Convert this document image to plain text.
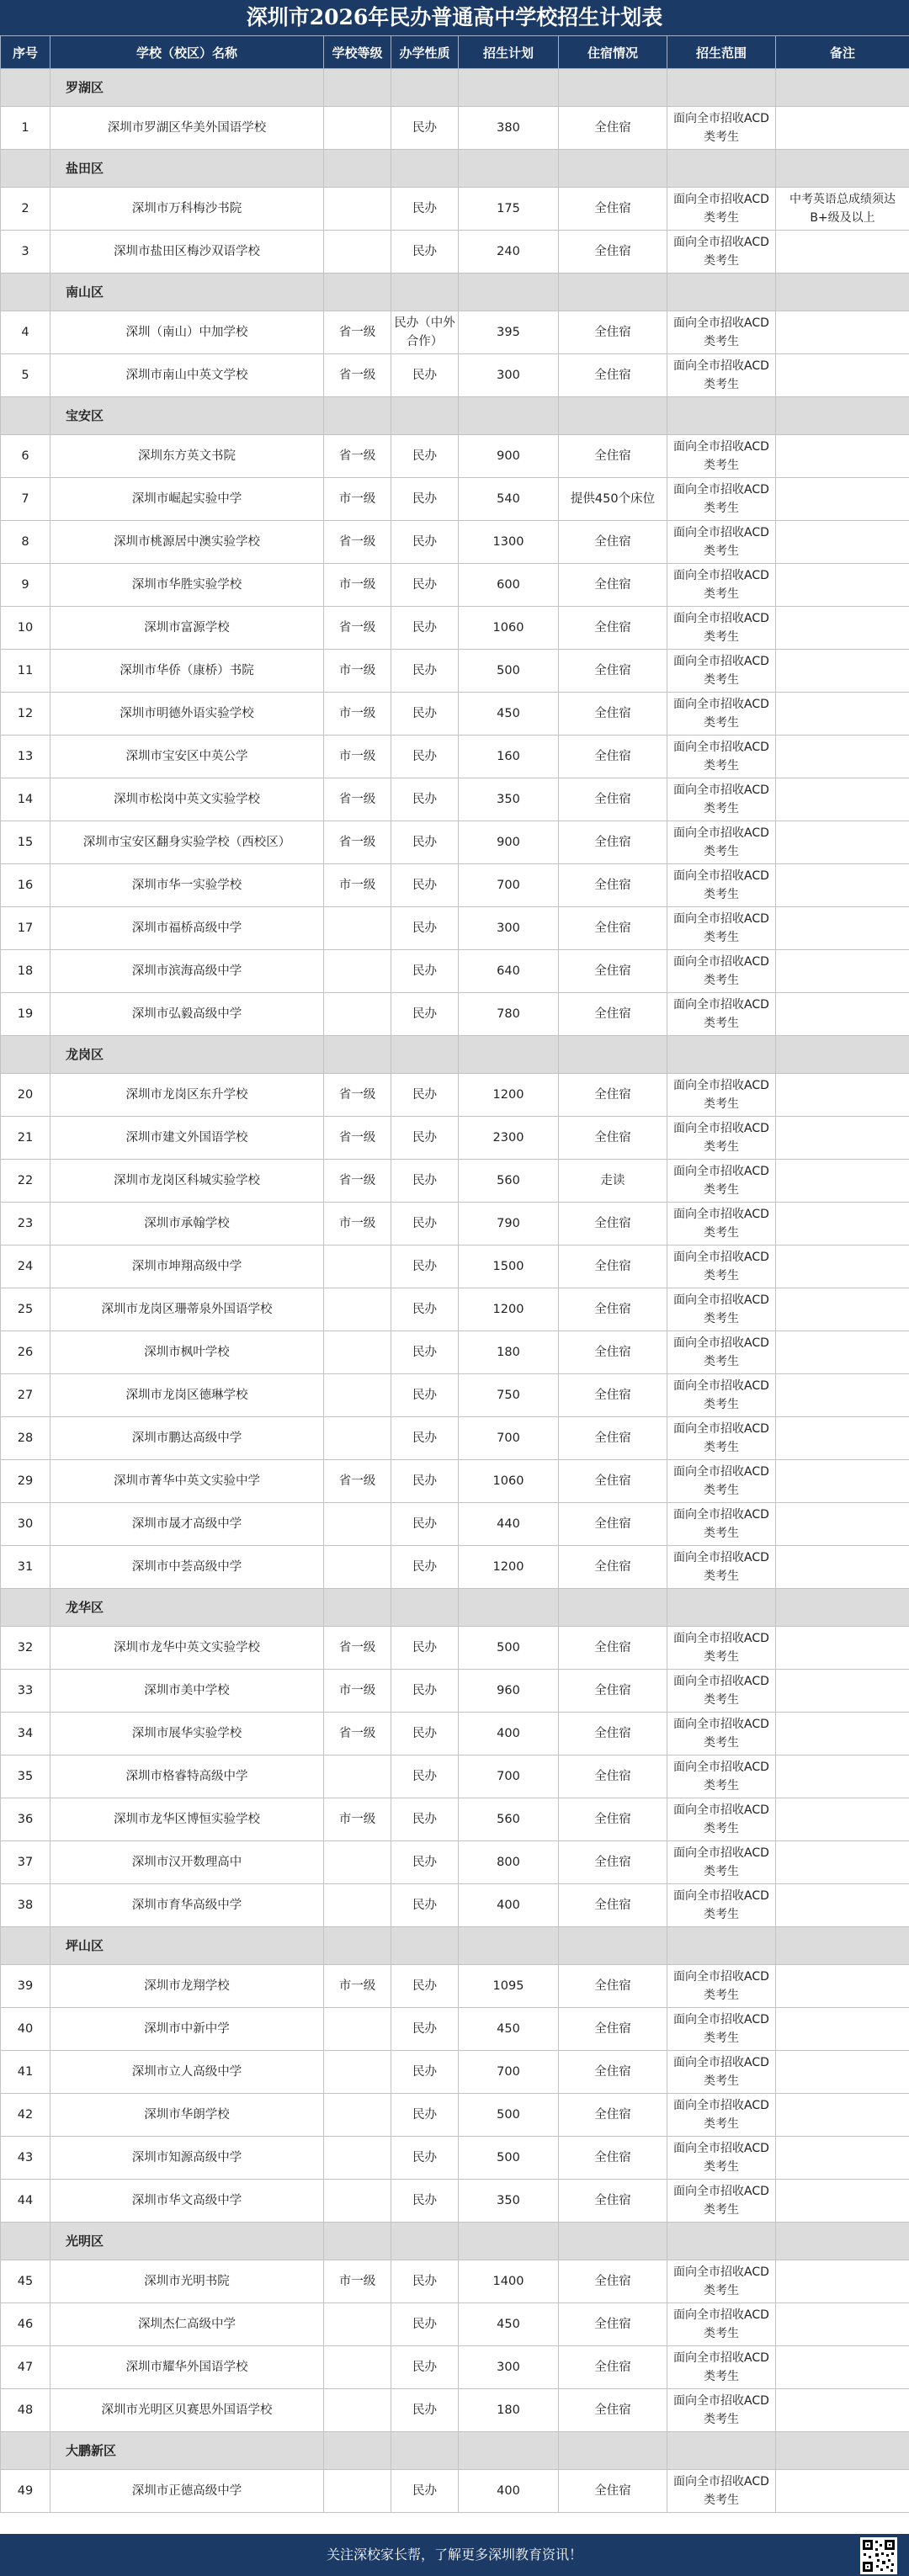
深圳市2026年民办普通高中学校招生计划表
序号	学校（校区）名称	学校等级	办学性质	招生计划	住宿情况	招生范围	备注
	罗湖区						
1	深圳市罗湖区华美外国语学校		民办	380	全住宿	面向全市招收ACD类考生	
	盐田区						
2	深圳市万科梅沙书院		民办	175	全住宿	面向全市招收ACD类考生	中考英语总成绩须达B+级及以上
3	深圳市盐田区梅沙双语学校		民办	240	全住宿	面向全市招收ACD类考生	
	南山区						
4	深圳（南山）中加学校	省一级	民办（中外合作）	395	全住宿	面向全市招收ACD类考生	
5	深圳市南山中英文学校	省一级	民办	300	全住宿	面向全市招收ACD类考生	
	宝安区						
6	深圳东方英文书院	省一级	民办	900	全住宿	面向全市招收ACD类考生	
7	深圳市崛起实验中学	市一级	民办	540	提供450个床位	面向全市招收ACD类考生	
8	深圳市桃源居中澳实验学校	省一级	民办	1300	全住宿	面向全市招收ACD类考生	
9	深圳市华胜实验学校	市一级	民办	600	全住宿	面向全市招收ACD类考生	
10	深圳市富源学校	省一级	民办	1060	全住宿	面向全市招收ACD类考生	
11	深圳市华侨（康桥）书院	市一级	民办	500	全住宿	面向全市招收ACD类考生	
12	深圳市明德外语实验学校	市一级	民办	450	全住宿	面向全市招收ACD类考生	
13	深圳市宝安区中英公学	市一级	民办	160	全住宿	面向全市招收ACD类考生	
14	深圳市松岗中英文实验学校	省一级	民办	350	全住宿	面向全市招收ACD类考生	
15	深圳市宝安区翻身实验学校（西校区）	省一级	民办	900	全住宿	面向全市招收ACD类考生	
16	深圳市华一实验学校	市一级	民办	700	全住宿	面向全市招收ACD类考生	
17	深圳市福桥高级中学		民办	300	全住宿	面向全市招收ACD类考生	
18	深圳市滨海高级中学		民办	640	全住宿	面向全市招收ACD类考生	
19	深圳市弘毅高级中学		民办	780	全住宿	面向全市招收ACD类考生	
	龙岗区						
20	深圳市龙岗区东升学校	省一级	民办	1200	全住宿	面向全市招收ACD类考生	
21	深圳市建文外国语学校	省一级	民办	2300	全住宿	面向全市招收ACD类考生	
22	深圳市龙岗区科城实验学校	省一级	民办	560	走读	面向全市招收ACD类考生	
23	深圳市承翰学校	市一级	民办	790	全住宿	面向全市招收ACD类考生	
24	深圳市坤翔高级中学		民办	1500	全住宿	面向全市招收ACD类考生	
25	深圳市龙岗区珊蒂泉外国语学校		民办	1200	全住宿	面向全市招收ACD类考生	
26	深圳市枫叶学校		民办	180	全住宿	面向全市招收ACD类考生	
27	深圳市龙岗区德琳学校		民办	750	全住宿	面向全市招收ACD类考生	
28	深圳市鹏达高级中学		民办	700	全住宿	面向全市招收ACD类考生	
29	深圳市菁华中英文实验中学	省一级	民办	1060	全住宿	面向全市招收ACD类考生	
30	深圳市晟才高级中学		民办	440	全住宿	面向全市招收ACD类考生	
31	深圳市中荟高级中学		民办	1200	全住宿	面向全市招收ACD类考生	
	龙华区						
32	深圳市龙华中英文实验学校	省一级	民办	500	全住宿	面向全市招收ACD类考生	
33	深圳市美中学校	市一级	民办	960	全住宿	面向全市招收ACD类考生	
34	深圳市展华实验学校	省一级	民办	400	全住宿	面向全市招收ACD类考生	
35	深圳市格睿特高级中学		民办	700	全住宿	面向全市招收ACD类考生	
36	深圳市龙华区博恒实验学校	市一级	民办	560	全住宿	面向全市招收ACD类考生	
37	深圳市汉开数理高中		民办	800	全住宿	面向全市招收ACD类考生	
38	深圳市育华高级中学		民办	400	全住宿	面向全市招收ACD类考生	
	坪山区						
39	深圳市龙翔学校	市一级	民办	1095	全住宿	面向全市招收ACD类考生	
40	深圳市中新中学		民办	450	全住宿	面向全市招收ACD类考生	
41	深圳市立人高级中学		民办	700	全住宿	面向全市招收ACD类考生	
42	深圳市华朗学校		民办	500	全住宿	面向全市招收ACD类考生	
43	深圳市知源高级中学		民办	500	全住宿	面向全市招收ACD类考生	
44	深圳市华文高级中学		民办	350	全住宿	面向全市招收ACD类考生	
	光明区						
45	深圳市光明书院	市一级	民办	1400	全住宿	面向全市招收ACD类考生	
46	深圳杰仁高级中学		民办	450	全住宿	面向全市招收ACD类考生	
47	深圳市耀华外国语学校		民办	300	全住宿	面向全市招收ACD类考生	
48	深圳市光明区贝赛思外国语学校		民办	180	全住宿	面向全市招收ACD类考生	
	大鹏新区						
49	深圳市正德高级中学		民办	400	全住宿	面向全市招收ACD类考生	
关注深校家长帮，了解更多深圳教育资讯！
